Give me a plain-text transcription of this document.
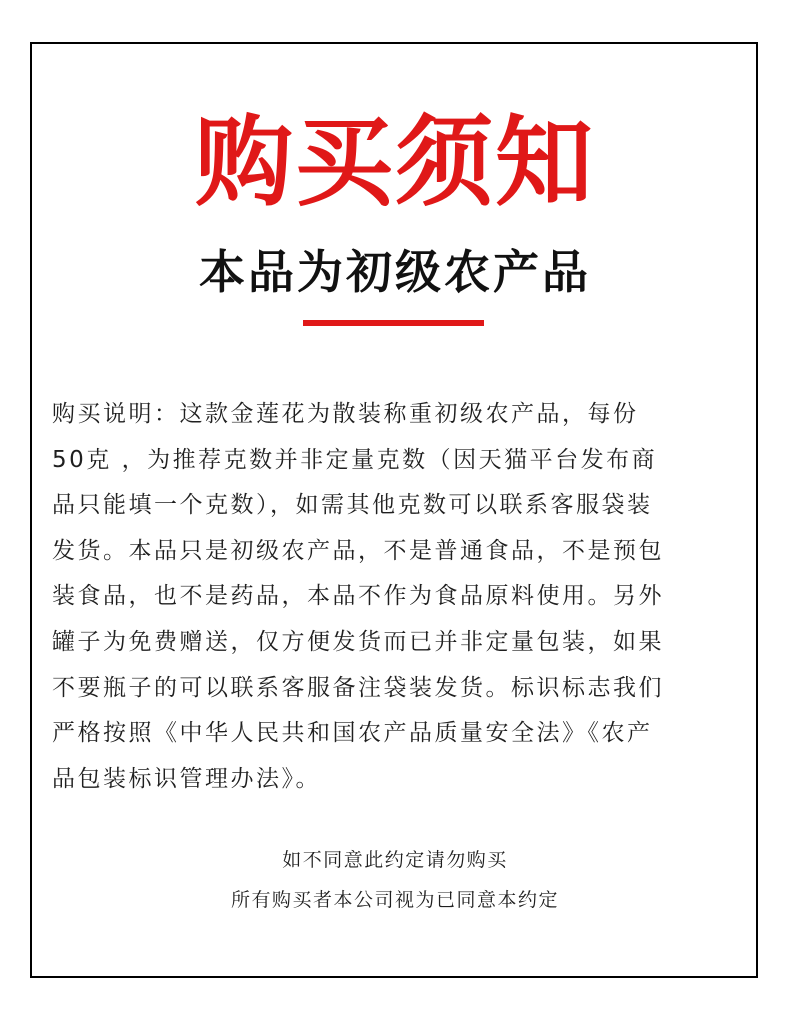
购买须知
本品为初级农产品

购买说明：这款金莲花为散装称重初级农产品，每份
50克 ，为推荐克数并非定量克数（因天猫平台发布商
品只能填一个克数），如需其他克数可以联系客服袋装
发货。本品只是初级农产品，不是普通食品，不是预包
装食品，也不是药品，本品不作为食品原料使用。另外
罐子为免费赠送，仅方便发货而已并非定量包装，如果
不要瓶子的可以联系客服备注袋装发货。标识标志我们
严格按照《中华人民共和国农产品质量安全法》《农产
品包装标识管理办法》。

如不同意此约定请勿购买
所有购买者本公司视为已同意本约定
